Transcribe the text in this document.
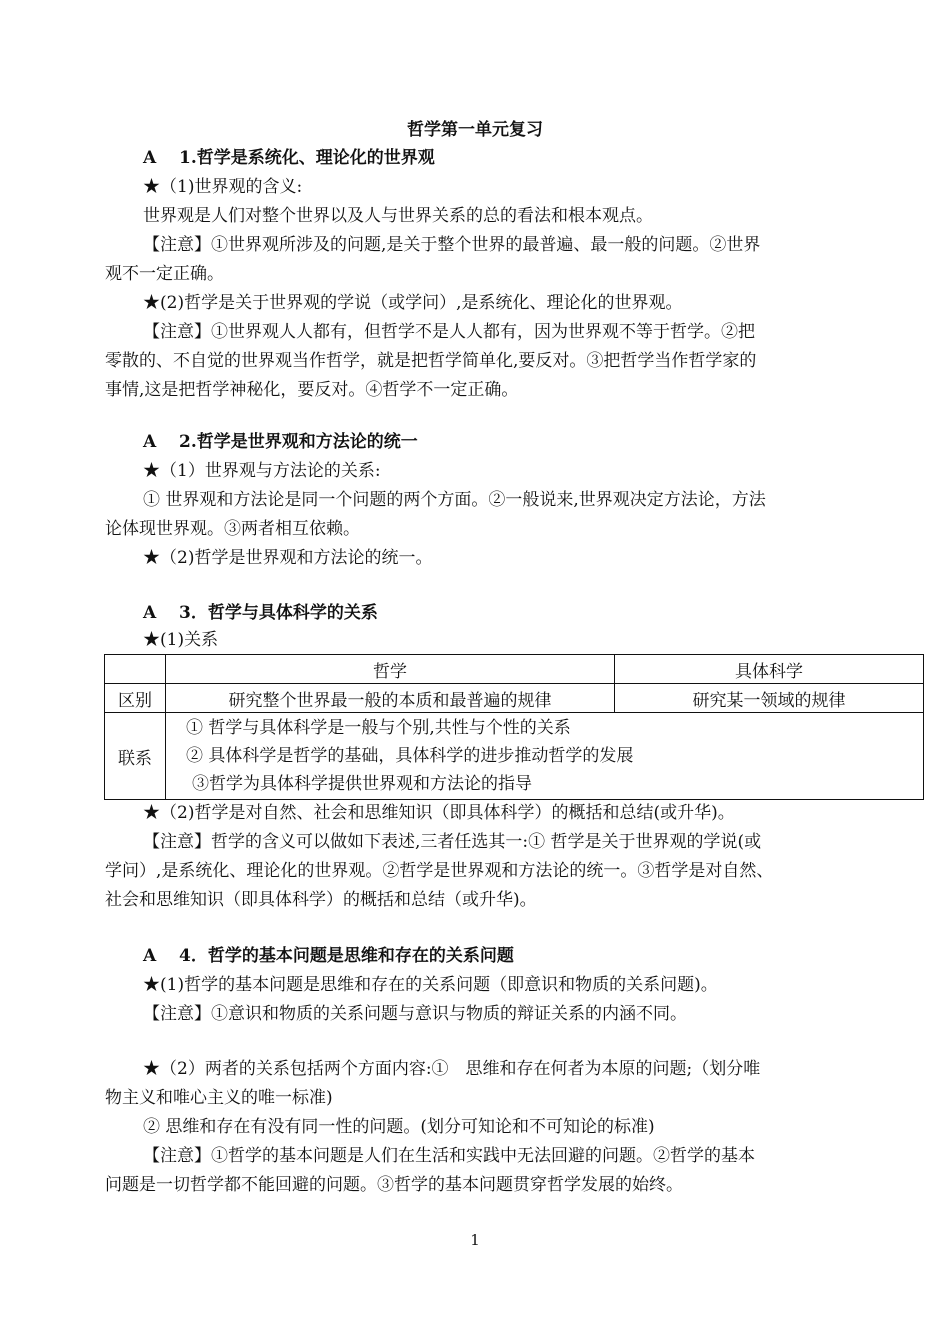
哲学第一单元复习
A 1.哲学是系统化、理论化的世界观
★（1)世界观的含义:
世界观是人们对整个世界以及人与世界关系的总的看法和根本观点。
【注意】①世界观所涉及的问题,是关于整个世界的最普遍、最一般的问题。②世界
观不一定正确。
★(2)哲学是关于世界观的学说（或学问）,是系统化、理论化的世界观。
【注意】①世界观人人都有，但哲学不是人人都有，因为世界观不等于哲学。②把
零散的、不自觉的世界观当作哲学，就是把哲学简单化,要反对。③把哲学当作哲学家的
事情,这是把哲学神秘化，要反对。④哲学不一定正确。
A 2.哲学是世界观和方法论的统一
★（1）世界观与方法论的关系:
① 世界观和方法论是同一个问题的两个方面。②一般说来,世界观决定方法论，方法
论体现世界观。③两者相互依赖。
★（2)哲学是世界观和方法论的统一。
A 3．哲学与具体科学的关系
★(1)关系
	哲学	具体科学
区别	研究整个世界最一般的本质和最普遍的规律	研究某一领域的规律
联系	① 哲学与具体科学是一般与个别,共性与个性的关系
② 具体科学是哲学的基础，具体科学的进步推动哲学的发展
③哲学为具体科学提供世界观和方法论的指导	
★（2)哲学是对自然、社会和思维知识（即具体科学）的概括和总结(或升华)。
【注意】哲学的含义可以做如下表述,三者任选其一:① 哲学是关于世界观的学说(或
学问）,是系统化、理论化的世界观。②哲学是世界观和方法论的统一。③哲学是对自然、
社会和思维知识（即具体科学）的概括和总结（或升华)。
A 4．哲学的基本问题是思维和存在的关系问题
★(1)哲学的基本问题是思维和存在的关系问题（即意识和物质的关系问题)。
【注意】①意识和物质的关系问题与意识与物质的辩证关系的内涵不同。
★（2）两者的关系包括两个方面内容:①　思维和存在何者为本原的问题;（划分唯
物主义和唯心主义的唯一标准)
② 思维和存在有没有同一性的问题。(划分可知论和不可知论的标准)
【注意】①哲学的基本问题是人们在生活和实践中无法回避的问题。②哲学的基本
问题是一切哲学都不能回避的问题。③哲学的基本问题贯穿哲学发展的始终。
1
